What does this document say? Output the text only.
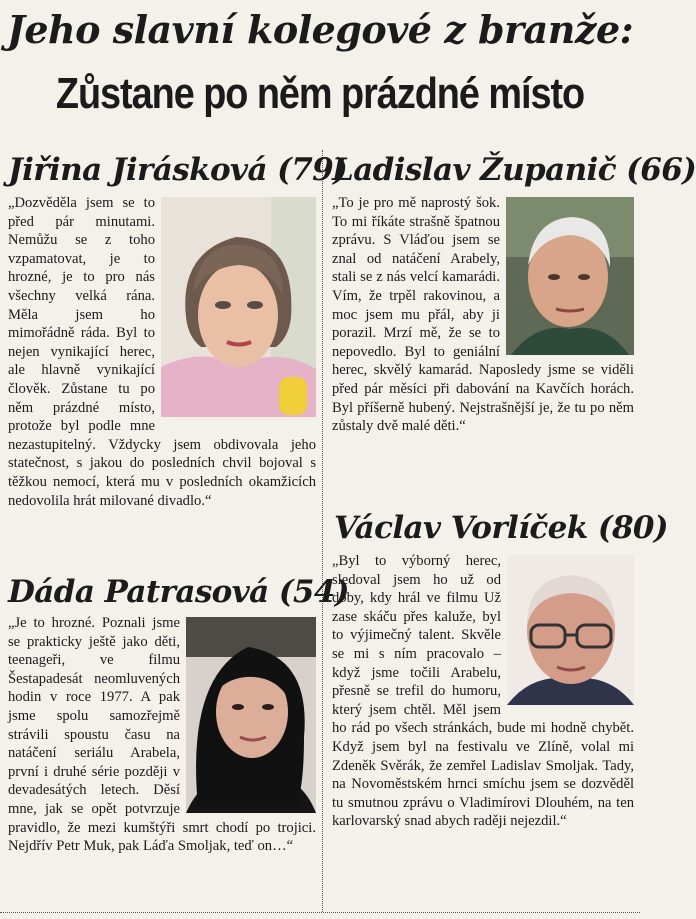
Jeho slavní kolegové z branže:
Zůstane po něm prázdné místo
Jiřina Jirásková (79)
„Dozvěděla jsem se to před pár minutami. Nemůžu se z toho vzpamatovat, je to hrozné, je to pro nás všechny velká rána. Měla jsem ho mimořádně ráda. Byl to nejen vynikající herec, ale hlavně vynikající člověk. Zůstane tu po něm prázdné místo, protože byl podle mne nezastupitelný. Vždycky jsem obdivovala jeho statečnost, s jakou do posledních chvil bojoval s těžkou nemocí, která mu v posledních okamžicích nedovolila hrát milované divadlo.“
Ladislav Županič (66)
„To je pro mě naprostý šok. To mi říkáte strašně špatnou zprávu. S Vláďou jsem se znal od natáčení Arabely, stali se z nás velcí kamarádi. Vím, že trpěl rakovinou, a moc jsem mu přál, aby ji porazil. Mrzí mě, že se to nepovedlo. Byl to geniální herec, skvělý kamarád. Naposledy jsme se viděli před pár měsíci při dabování na Kavčích horách. Byl příšerně hubený. Nejstrašnější je, že tu po něm zůstaly dvě malé děti.“
Václav Vorlíček (80)
„Byl to výborný herec, sledoval jsem ho už od doby, kdy hrál ve filmu Už zase skáču přes kaluže, byl to výjimečný talent. Skvěle se mi s ním pracovalo – když jsme točili Arabelu, přesně se trefil do humoru, který jsem chtěl. Měl jsem ho rád po všech stránkách, bude mi hodně chybět. Když jsem byl na festivalu ve Zlíně, volal mi Zdeněk Svěrák, že zemřel Ladislav Smoljak. Tady, na Novoměstském hrnci smíchu jsem se dozvěděl tu smutnou zprávu o Vladimírovi Dlouhém, na ten karlovarský snad abych raději nejezdil.“
Dáda Patrasová (54)
„Je to hrozné. Poznali jsme se prakticky ještě jako děti, teenageři, ve filmu Šestapadesát neomluvených hodin v roce 1977. A pak jsme spolu samozřejmě strávili spoustu času na natáčení seriálu Arabela, první i druhé série později v devadesátých letech. Děsí mne, jak se opět potvrzuje pravidlo, že mezi kumštýři smrt chodí po trojici. Nejdřív Petr Muk, pak Láďa Smoljak, teď on…“
